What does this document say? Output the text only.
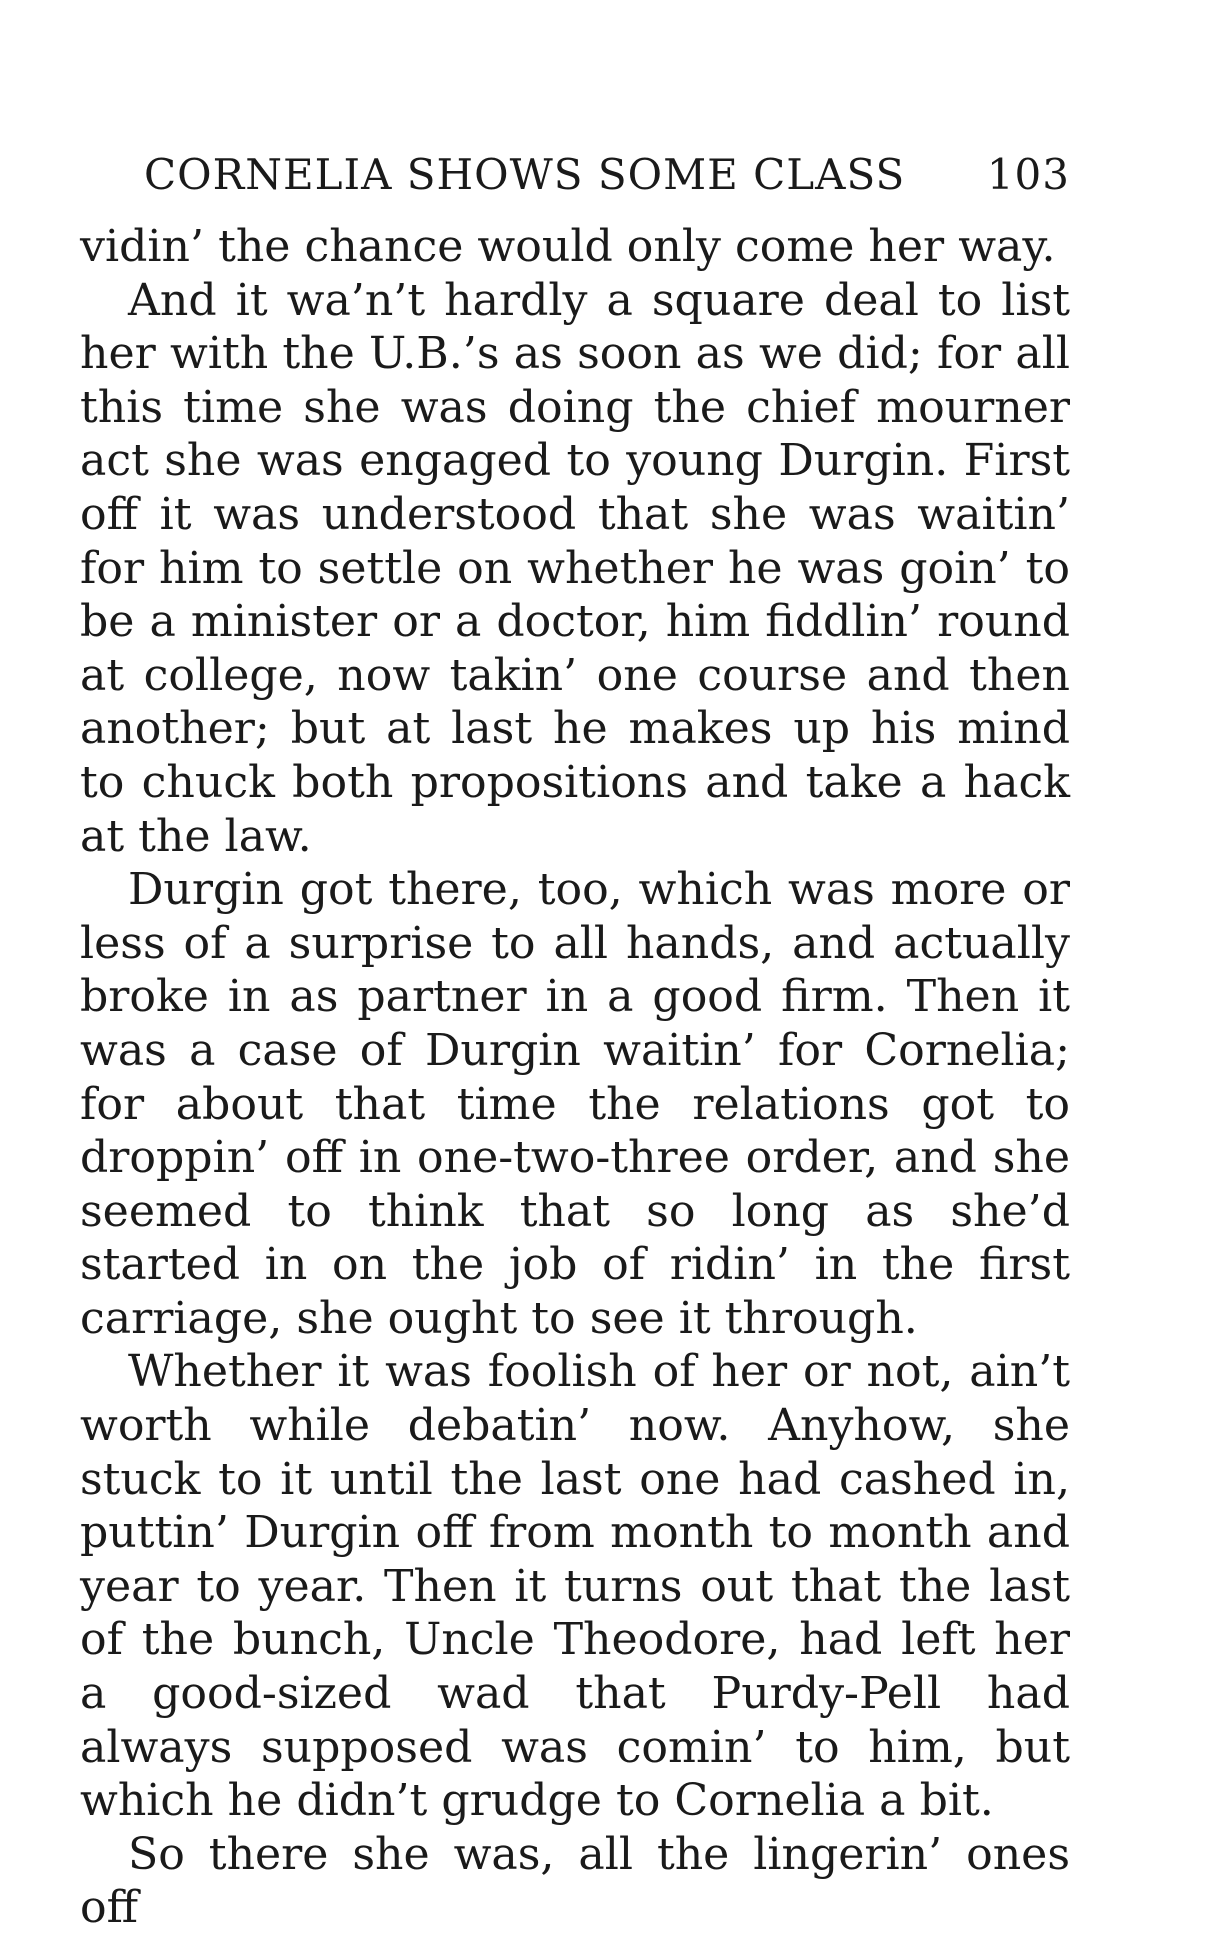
CORNELIA SHOWS SOME CLASS 103

vidin’ the chance would only come her way.

And it wa’n’t hardly a square deal to list her with the U.B.’s as soon as we did; for all this time she was doing the chief mourner act she was engaged to young Durgin. First off it was understood that she was waitin’ for him to settle on whether he was goin’ to be a minister or a doctor, him fiddlin’ round at college, now takin’ one course and then another; but at last he makes up his mind to chuck both propositions and take a hack at the law.

Durgin got there, too, which was more or less of a surprise to all hands, and actually broke in as partner in a good firm. Then it was a case of Durgin waitin’ for Cornelia; for about that time the relations got to droppin’ off in one-two-three order, and she seemed to think that so long as she’d started in on the job of ridin’ in the first carriage, she ought to see it through.

Whether it was foolish of her or not, ain’t worth while debatin’ now. Anyhow, she stuck to it until the last one had cashed in, puttin’ Durgin off from month to month and year to year. Then it turns out that the last of the bunch, Uncle Theodore, had left her a good-sized wad that Purdy-Pell had always supposed was comin’ to him, but which he didn’t grudge to Cornelia a bit.

So there she was, all the lingerin’ ones off
